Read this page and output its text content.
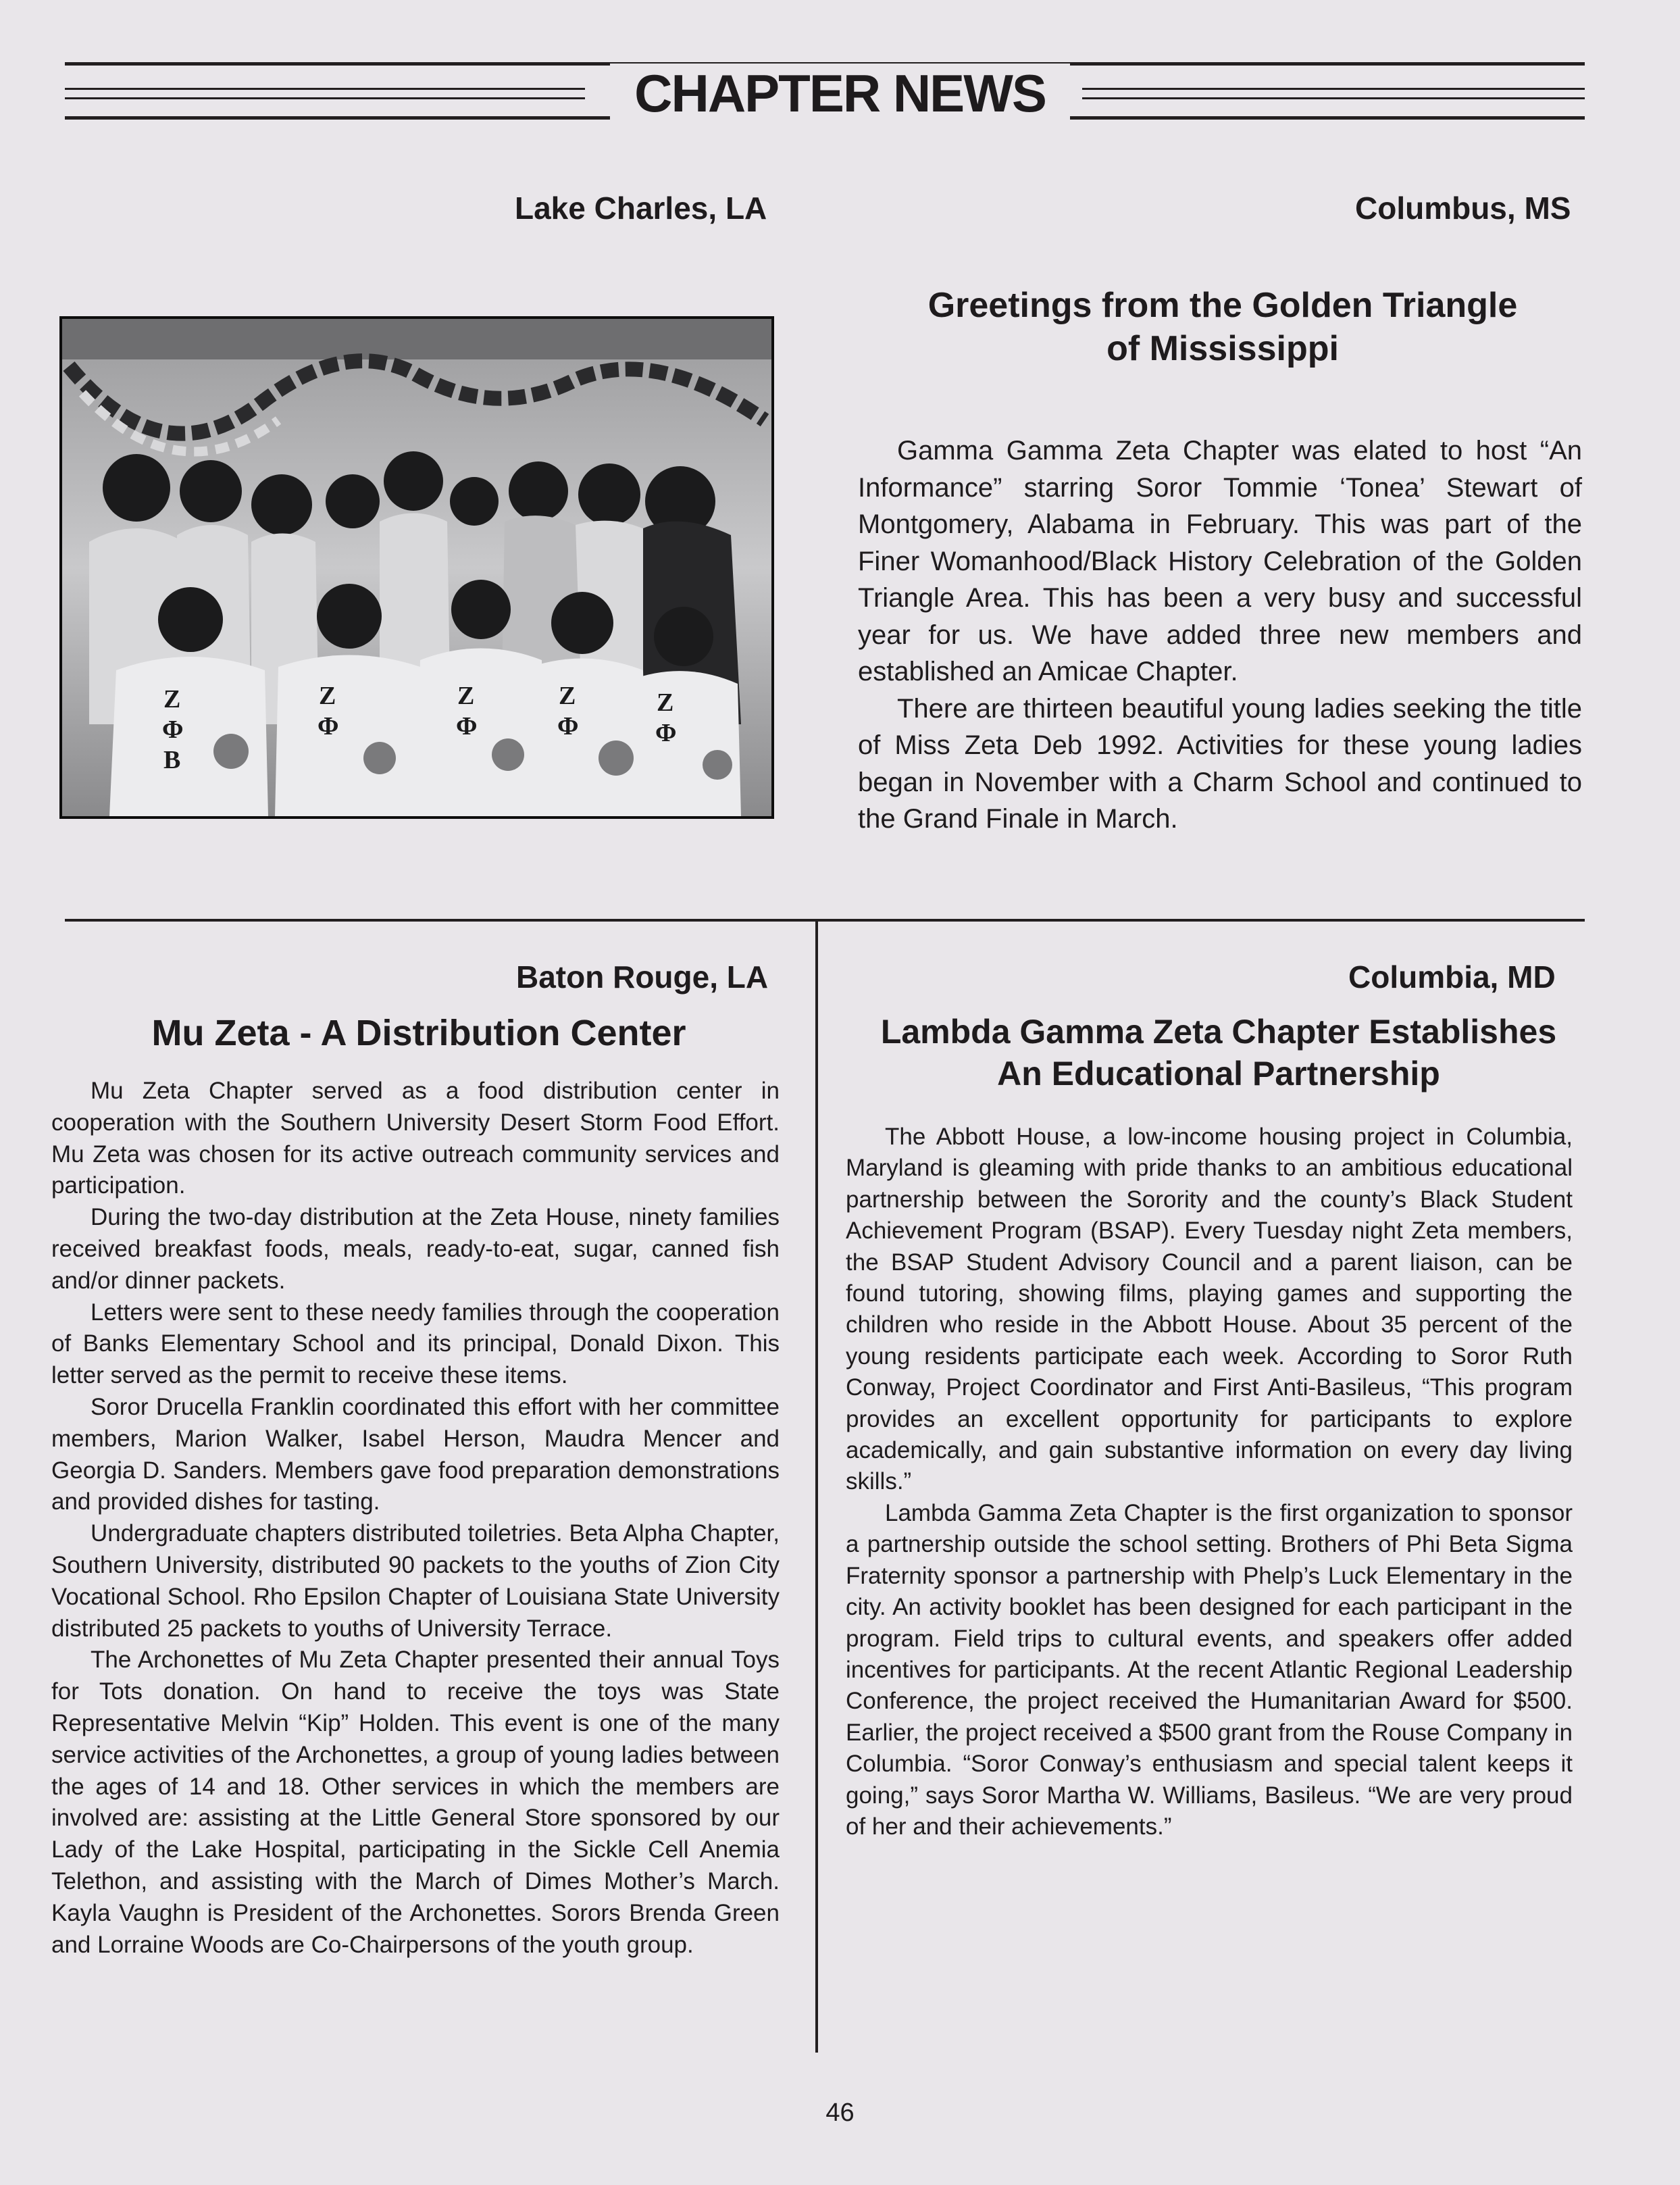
CHAPTER NEWS
Lake Charles, LA
Z
Φ
B
Z
Φ
Z
Φ
Z
Φ
Z
Φ
Columbus, MS
Greetings from the Golden Triangle
of Mississippi

Gamma Gamma Zeta Chapter was elated to host “An Informance” starring Soror Tommie ‘Tonea’ Stewart of Montgomery, Alabama in February. This was part of the Finer Womanhood/Black History Celebration of the Golden Triangle Area. This has been a very busy and successful year for us. We have added three new members and established an Amicae Chapter.

There are thirteen beautiful young ladies seeking the title of Miss Zeta Deb 1992. Activities for these young ladies began in November with a Charm School and continued to the Grand Finale in March.

Baton Rouge, LA
Mu Zeta - A Distribution Center

Mu Zeta Chapter served as a food distribution center in cooperation with the Southern University Desert Storm Food Effort. Mu Zeta was chosen for its active outreach community services and participation.

During the two-day distribution at the Zeta House, ninety families received breakfast foods, meals, ready-to-eat, sugar, canned fish and/or dinner packets.

Letters were sent to these needy families through the cooperation of Banks Elementary School and its principal, Donald Dixon. This letter served as the permit to receive these items.

Soror Drucella Franklin coordinated this effort with her committee members, Marion Walker, Isabel Herson, Maudra Mencer and Georgia D. Sanders. Members gave food preparation demonstrations and provided dishes for tasting.

Undergraduate chapters distributed toiletries. Beta Alpha Chapter, Southern University, distributed 90 packets to the youths of Zion City Vocational School. Rho Epsilon Chapter of Louisiana State University distributed 25 packets to youths of University Terrace.

The Archonettes of Mu Zeta Chapter presented their annual Toys for Tots donation. On hand to receive the toys was State Representative Melvin “Kip” Holden. This event is one of the many service activities of the Archonettes, a group of young ladies between the ages of 14 and 18. Other services in which the members are involved are: assisting at the Little General Store sponsored by our Lady of the Lake Hospital, participating in the Sickle Cell Anemia Telethon, and assisting with the March of Dimes Mother’s March. Kayla Vaughn is President of the Archonettes. Sorors Brenda Green and Lorraine Woods are Co-Chairpersons of the youth group.

Columbia, MD
Lambda Gamma Zeta Chapter Establishes
An Educational Partnership

The Abbott House, a low-income housing project in Columbia, Maryland is gleaming with pride thanks to an ambitious educational partnership between the Sorority and the county’s Black Student Achievement Program (BSAP). Every Tuesday night Zeta members, the BSAP Student Advisory Council and a parent liaison, can be found tutoring, showing films, playing games and supporting the children who reside in the Abbott House. About 35 percent of the young residents participate each week. According to Soror Ruth Conway, Project Coordinator and First Anti-Basileus, “This program provides an excellent opportunity for participants to explore academically, and gain substantive information on every day living skills.”

Lambda Gamma Zeta Chapter is the first organization to sponsor a partnership outside the school setting. Brothers of Phi Beta Sigma Fraternity sponsor a partnership with Phelp’s Luck Elementary in the city. An activity booklet has been designed for each participant in the program. Field trips to cultural events, and speakers offer added incentives for participants. At the recent Atlantic Regional Leadership Conference, the project received the Humanitarian Award for $500. Earlier, the project received a $500 grant from the Rouse Company in Columbia. “Soror Conway’s enthusiasm and special talent keeps it going,” says Soror Martha W. Williams, Basileus. “We are very proud of her and their achievements.”

46
